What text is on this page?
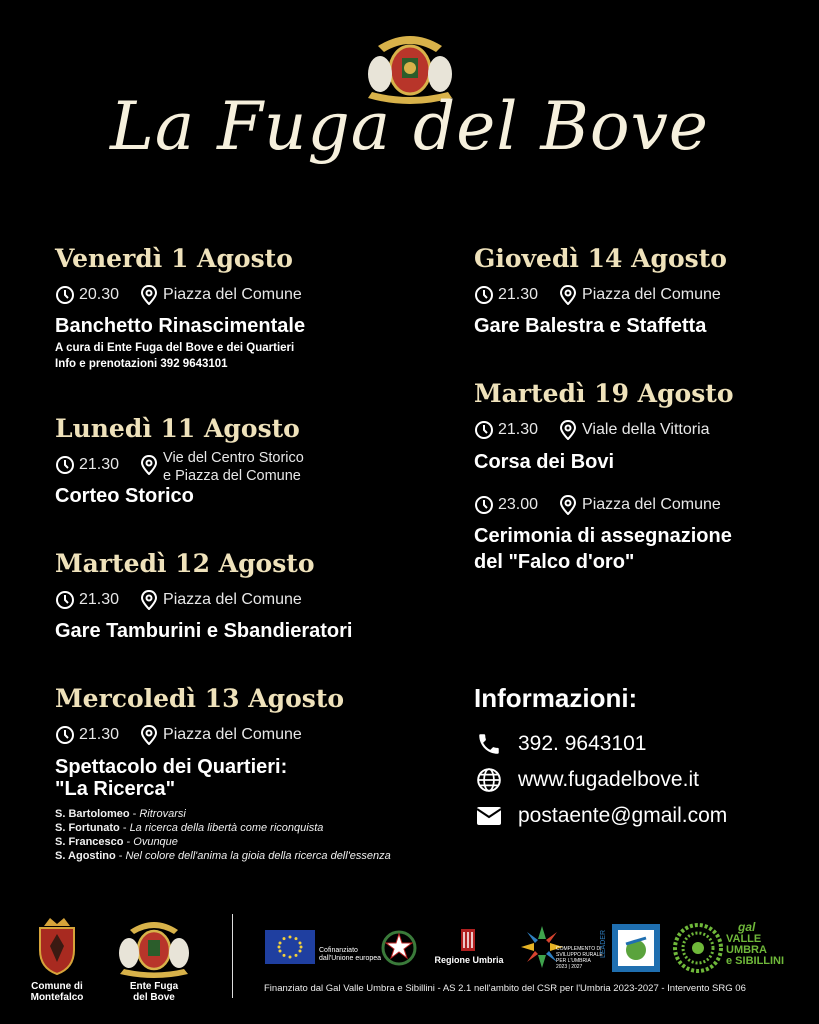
La Fuga del Bove
Venerdì 1 Agosto
20.30	Piazza del Comune
Banchetto Rinascimentale
A cura di Ente Fuga del Bove e dei Quartieri
Info e prenotazioni 392 9643101
Lunedì 11 Agosto
21.30	Vie del Centro Storico
e Piazza del Comune
Corteo Storico
Martedì 12 Agosto
21.30	Piazza del Comune
Gare Tamburini e Sbandieratori
Mercoledì 13 Agosto
21.30	Piazza del Comune
Spettacolo dei Quartieri:
"La Ricerca"
S. Bartolomeo - Ritrovarsi
S. Fortunato - La ricerca della libertà come riconquista
S. Francesco - Ovunque
S. Agostino - Nel colore dell'anima la gioia della ricerca dell'essenza
Giovedì 14 Agosto
21.30	Piazza del Comune
Gare Balestra e Staffetta
Martedì 19 Agosto
21.30	Viale della Vittoria
Corsa dei Bovi
23.00	Piazza del Comune
Cerimonia di assegnazione
del "Falco d'oro"
Informazioni:
392. 9643101
www.fugadelbove.it
postaente@gmail.com
Comune di
Montefalco
Ente Fuga
del Bove
Cofinanziato
dall'Unione europea	Regione Umbria
COMPLEMENTO DI
SVILUPPO RURALE
PER L'UMBRIA
2023 | 2027
LEADER
gal
VALLE
UMBRA
e SIBILLINI
Finanziato dal Gal Valle Umbra e Sibillini - AS 2.1 nell'ambito del CSR per l'Umbria 2023-2027 - Intervento SRG 06
